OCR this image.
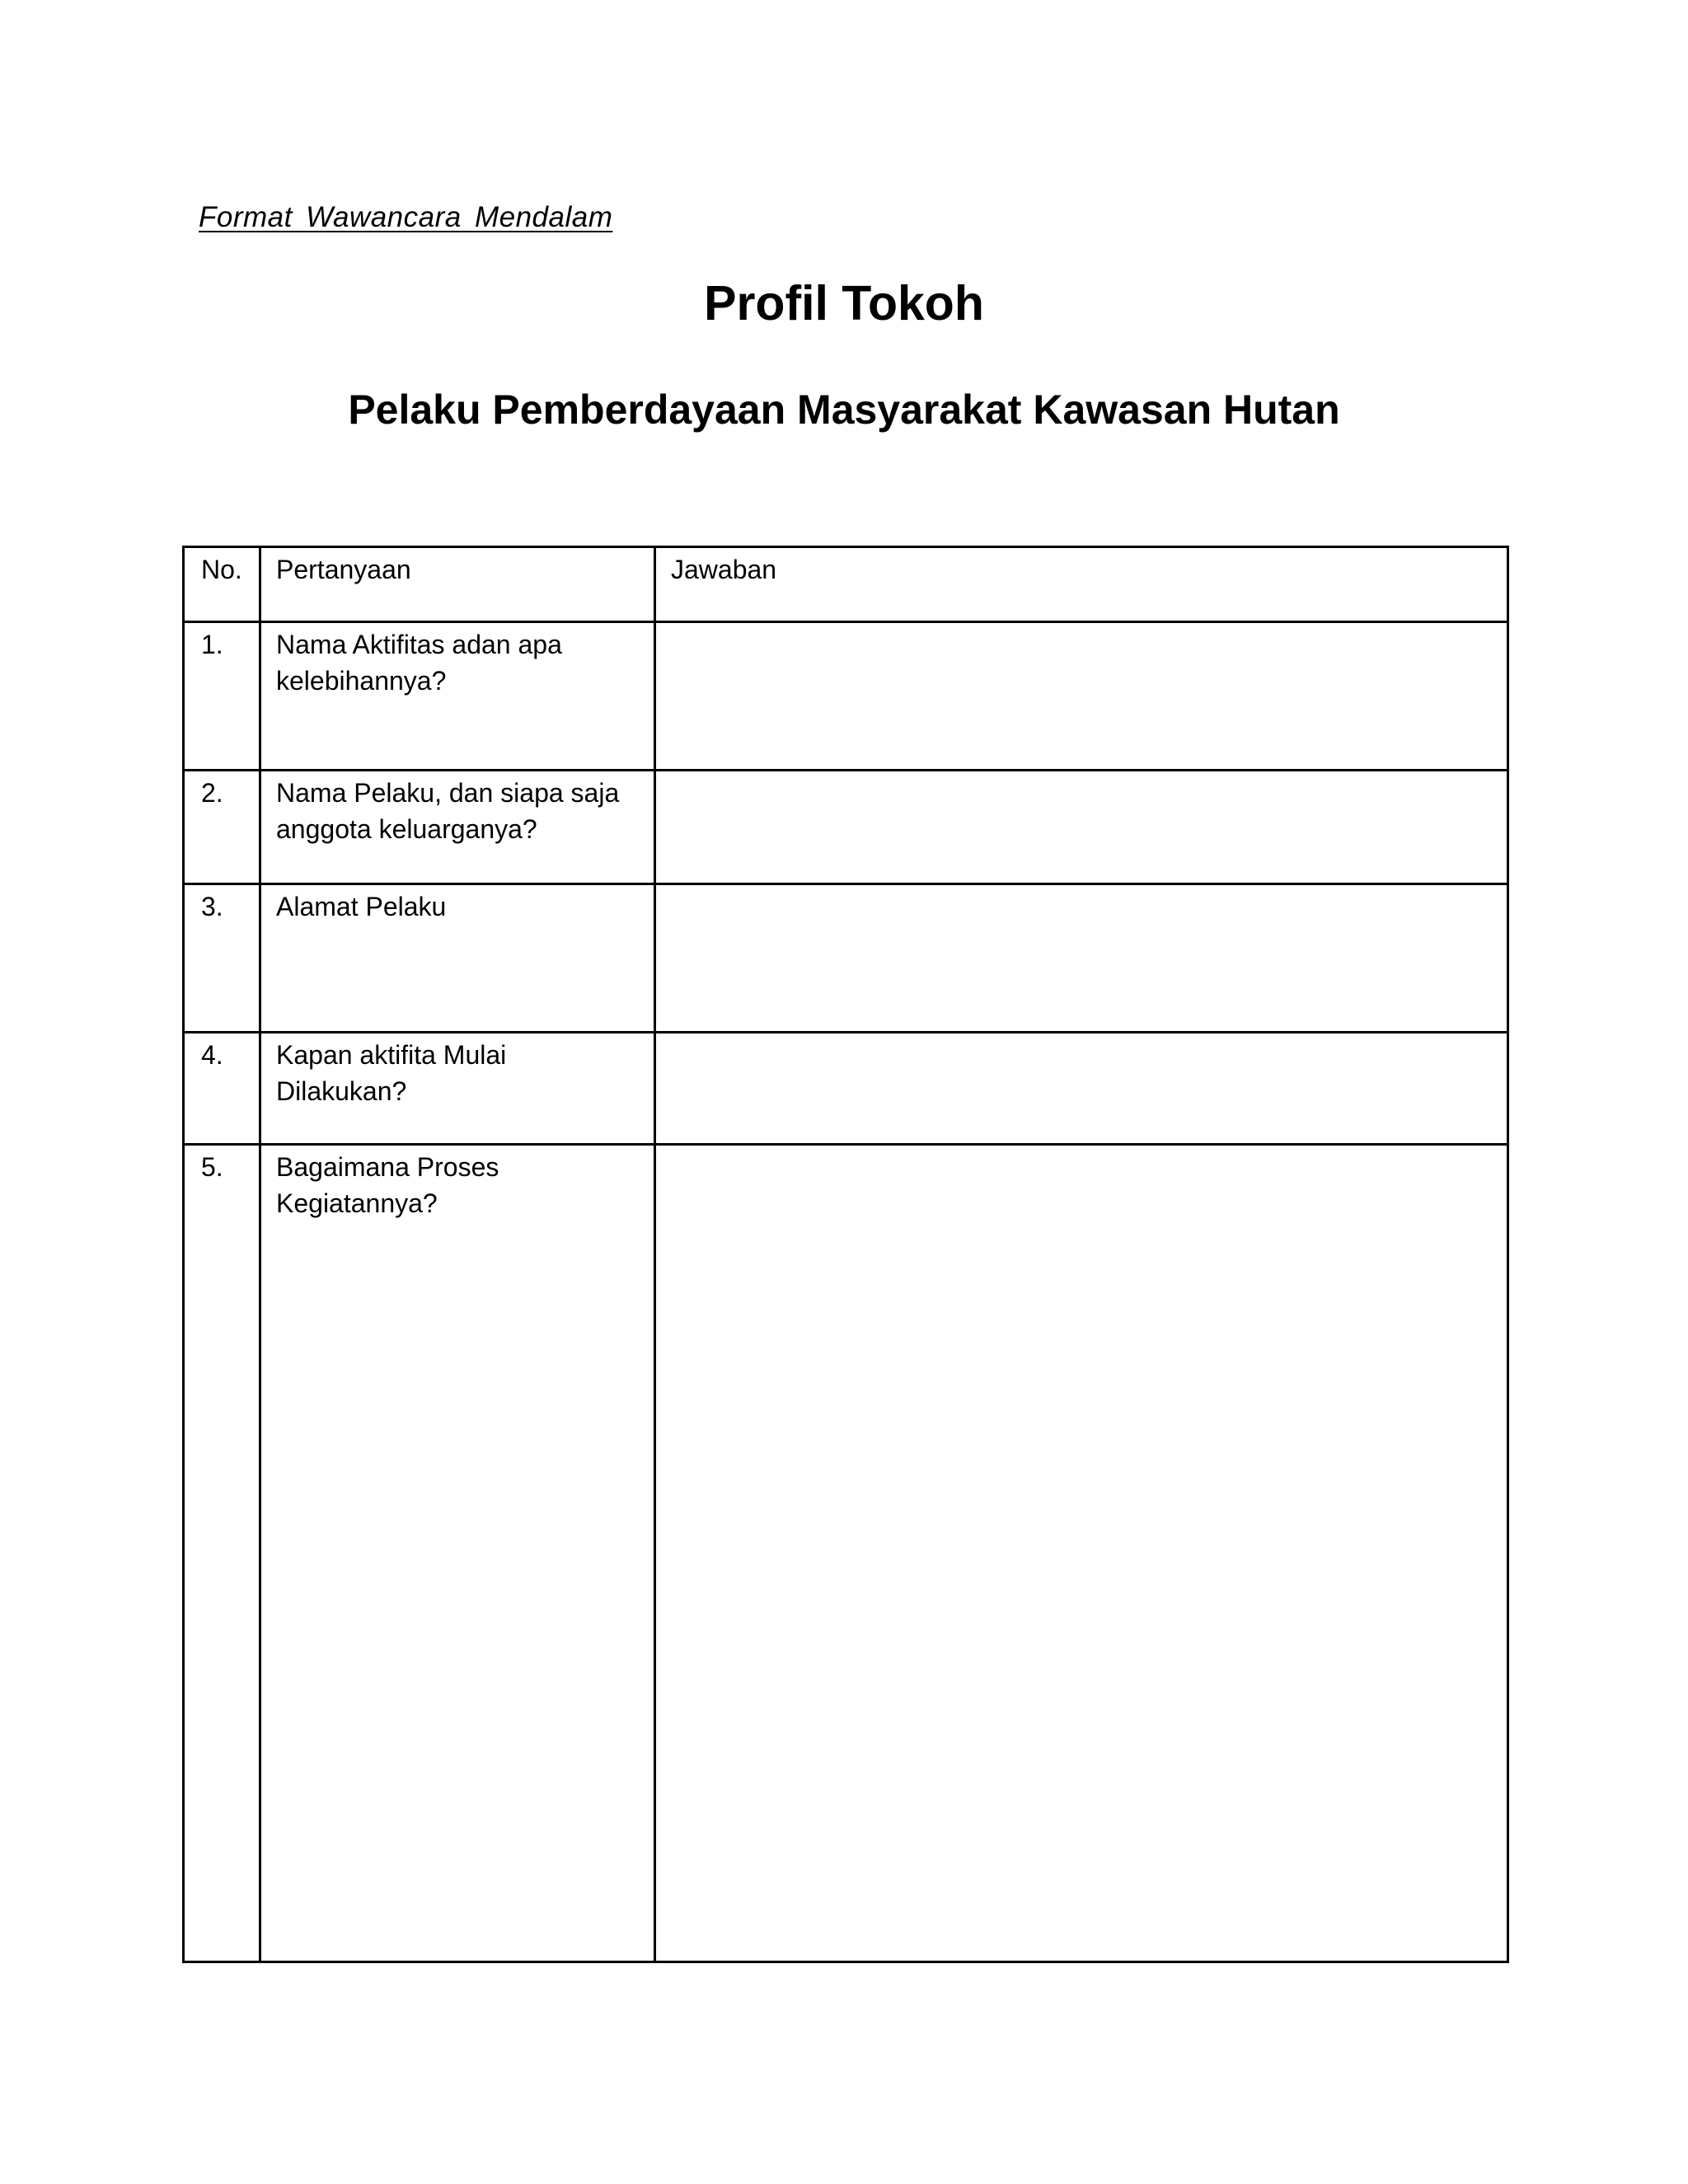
Format Wawancara Mendalam
Profil Tokoh
Pelaku Pemberdayaan Masyarakat Kawasan Hutan
No.	Pertanyaan	Jawaban
1.	Nama Aktifitas adan apa kelebihannya?	

2.	Nama Pelaku, dan siapa saja anggota keluarganya?	

3.	Alamat Pelaku	

4.	Kapan aktifita Mulai Dilakukan?	

5.	Bagaimana Proses Kegiatannya?	
